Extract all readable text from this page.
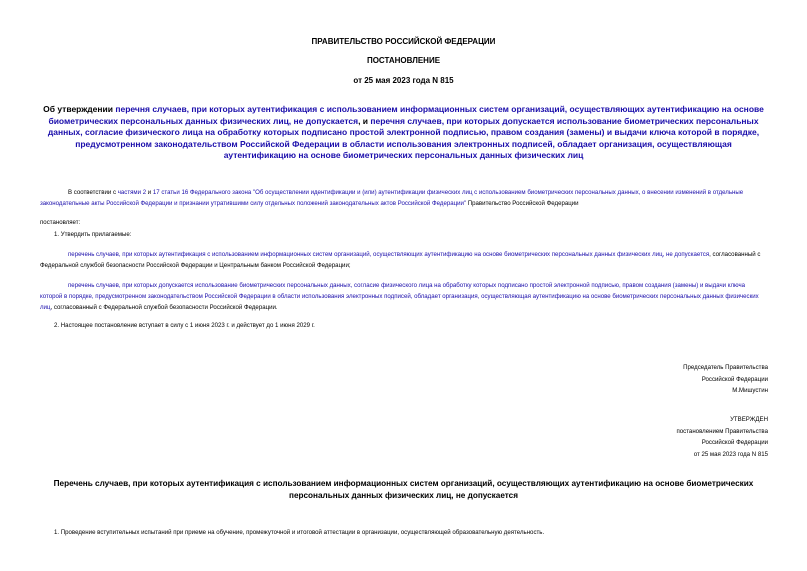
ПРАВИТЕЛЬСТВО РОССИЙСКОЙ ФЕДЕРАЦИИ
ПОСТАНОВЛЕНИЕ
от 25 мая 2023 года N 815
Об утверждении перечня случаев, при которых аутентификация с использованием информационных систем организаций, осуществляющих аутентификацию на основе биометрических персональных данных физических лиц, не допускается, и перечня случаев, при которых допускается использование биометрических персональных данных, согласие физического лица на обработку которых подписано простой электронной подписью, правом создания (замены) и выдачи ключа которой в порядке, предусмотренном законодательством Российской Федерации в области использования электронных подписей, обладает организация, осуществляющая аутентификацию на основе биометрических персональных данных физических лиц
В соответствии с частями 2 и 17 статьи 16 Федерального закона "Об осуществлении идентификации и (или) аутентификации физических лиц с использованием биометрических персональных данных, о внесении изменений в отдельные законодательные акты Российской Федерации и признании утратившими силу отдельных положений законодательных актов Российской Федерации" Правительство Российской Федерации
постановляет:
1. Утвердить прилагаемые:
перечень случаев, при которых аутентификация с использованием информационных систем организаций, осуществляющих аутентификацию на основе биометрических персональных данных физических лиц, не допускается, согласованный с Федеральной службой безопасности Российской Федерации и Центральным банком Российской Федерации;
перечень случаев, при которых допускается использование биометрических персональных данных, согласие физического лица на обработку которых подписано простой электронной подписью, правом создания (замены) и выдачи ключа которой в порядке, предусмотренном законодательством Российской Федерации в области использования электронных подписей, обладает организация, осуществляющая аутентификацию на основе биометрических персональных данных физических лиц, согласованный с Федеральной службой безопасности Российской Федерации.
2. Настоящее постановление вступает в силу с 1 июня 2023 г. и действует до 1 июня 2029 г.
Председатель Правительства
Российской Федерации
М.Мишустин
УТВЕРЖДЕН
постановлением Правительства
Российской Федерации
от 25 мая 2023 года N 815
Перечень случаев, при которых аутентификация с использованием информационных систем организаций, осуществляющих аутентификацию на основе биометрических персональных данных физических лиц, не допускается
1. Проведение вступительных испытаний при приеме на обучение, промежуточной и итоговой аттестации в организации, осуществляющей образовательную деятельность.
